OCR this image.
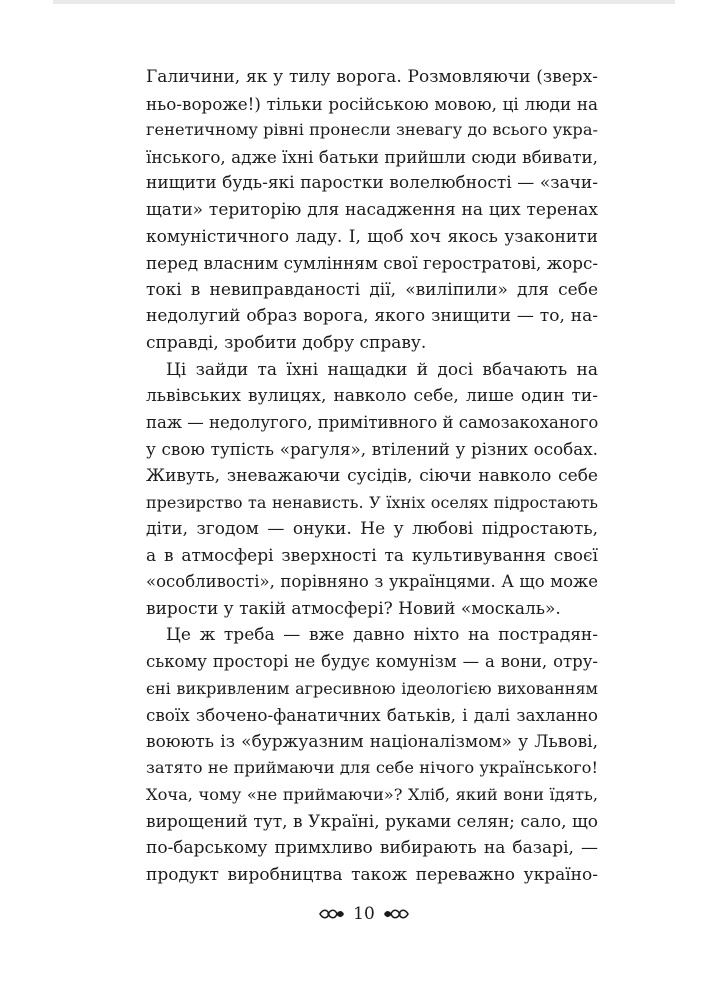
Галичини, як у тилу ворога. Розмовляючи (зверх-
ньо-вороже!) тільки російською мовою, ці люди на
генетичному рівні пронесли зневагу до всього укра-
їнського, адже їхні батьки прийшли сюди вбивати,
нищити будь-які паростки волелюбності — «зачи-
щати» територію для насадження на цих теренах
комуністичного ладу. І, щоб хоч якось узаконити
перед власним сумлінням свої геростратові, жорс-
токі в невиправданості дії, «виліпили» для себе
недолугий образ ворога, якого знищити — то, на-
справді, зробити добру справу.

Ці зайди та їхні нащадки й досі вбачають на
львівських вулицях, навколо себе, лише один ти-
паж — недолугого, примітивного й самозакоханого
у свою тупість «рагуля», втілений у різних особах.
Живуть, зневажаючи сусідів, сіючи навколо себе
презирство та ненависть. У їхніх оселях підростають
діти, згодом — онуки. Не у любові підростають,
а в атмосфері зверхності та культивування своєї
«особливості», порівняно з українцями. А що може
вирости у такій атмосфері? Новий «москаль».

Це ж треба — вже давно ніхто на пострадян-
ському просторі не будує комунізм — а вони, отру-
єні викривленим агресивною ідеологією вихованням
своїх збочено-фанатичних батьків, і далі захланно
воюють із «буржуазним націоналізмом» у Львові,
затято не приймаючи для себе нічого українського!
Хоча, чому «не приймаючи»? Хліб, який вони їдять,
вирощений тут, в Україні, руками селян; сало, що
по-барському примхливо вибирають на базарі, —
продукт виробництва також переважно україно-

10
